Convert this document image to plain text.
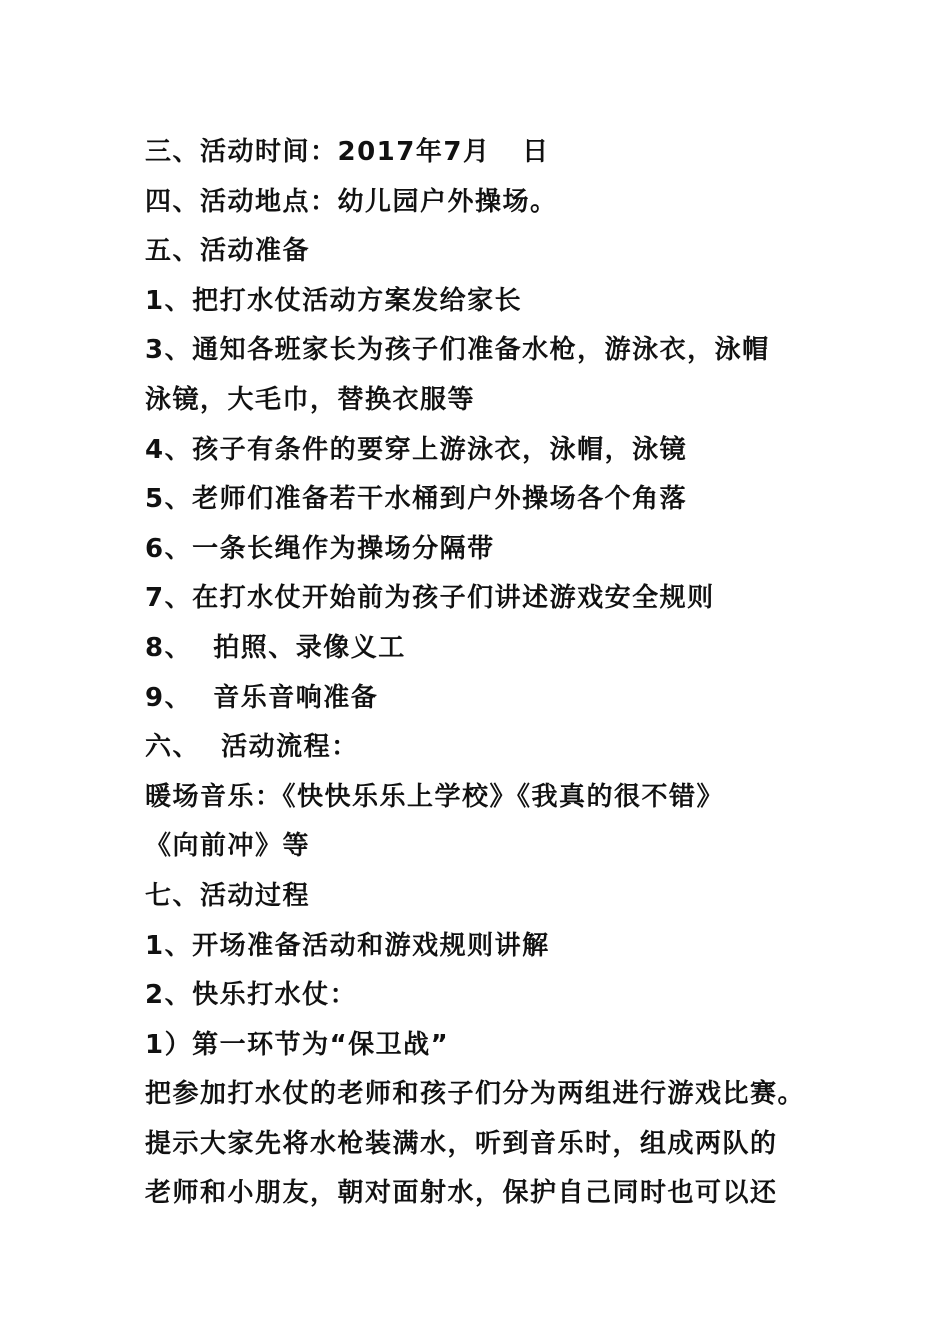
三、活动时间：2017年7月   日
四、活动地点：幼儿园户外操场。
五、活动准备
1、把打水仗活动方案发给家长
3、通知各班家长为孩子们准备水枪，游泳衣，泳帽
泳镜，大毛巾，替换衣服等
4、孩子有条件的要穿上游泳衣，泳帽，泳镜
5、老师们准备若干水桶到户外操场各个角落
6、一条长绳作为操场分隔带
7、在打水仗开始前为孩子们讲述游戏安全规则
8、  拍照、录像义工
9、  音乐音响准备
六、  活动流程：
暖场音乐：《快快乐乐上学校》《我真的很不错》
《向前冲》等
七、活动过程
1、开场准备活动和游戏规则讲解
2、快乐打水仗：
1）第一环节为“保卫战”
把参加打水仗的老师和孩子们分为两组进行游戏比赛。
提示大家先将水枪装满水，听到音乐时，组成两队的
老师和小朋友，朝对面射水，保护自己同时也可以还
